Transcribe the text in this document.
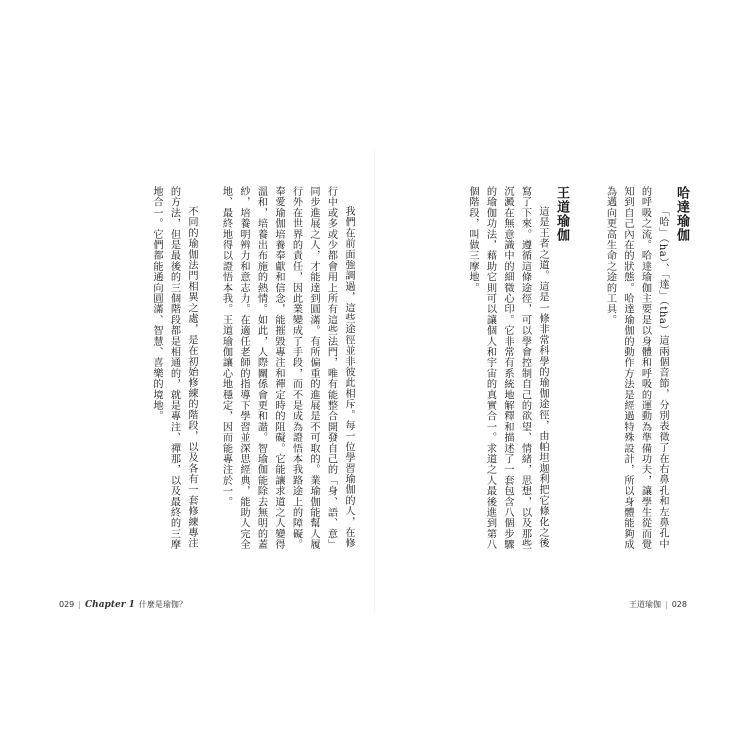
我們在前面強調過，這些途徑並非彼此相斥。每一位學習瑜伽的人，在修行中或多或少都會用上所有這些法門，唯有能整合開發自己的「身、語、意」同步進展之人，才能達到圓滿。有所偏重的進展是不可取的。業瑜伽能幫人履行外在世界的責任，因此業變成了手段，而不是成為證悟本我路途上的障礙。奉愛瑜伽培養奉獻和信念，能摧毀專注和禪定時的阻礙。它能讓求道之人變得溫和，培養出布施的熱情。如此，人際關係會更和諧。智瑜伽能除去無明的蓋紗，培養明辨力和意志力。在適任老師的指導下學習並深思經典，能助人完全地、最終地得以證悟本我。王道瑜伽讓心地穩定，因而能專注於一。

不同的瑜伽法門相異之處，是在初始修練的階段，以及各有一套修練專注的方法，但是最後的三個階段都是相通的，就是專注、禪那，以及最終的三摩地合一。它們都能通向圓滿、智慧、喜樂的境地。

029 | Chapter 1 什麼是瑜伽？
哈達瑜伽

「哈」（ha）、「達」（tha）這兩個音節，分別表徵了在右鼻孔和左鼻孔中的呼吸之流。哈達瑜伽主要是以身體和呼吸的運動為準備功夫，讓學生從而覺知到自己內在的狀態。哈達瑜伽的動作方法是經過特殊設計，所以身體能夠成為邁向更高生命之途的工具。

王道瑜伽

這是王者之道。這是一條非常科學的瑜伽途徑，由帕坦迦利把它條化之後寫了下來。遵循這條途徑，可以學會控制自己的欲望、情緒，思想，以及那些沉澱在無意識中的細微心印。它非常有系統地解釋和描述了一套包含八個步驟的瑜伽功法，藉助它則可以讓個人和宇宙的真實合一。求道之人最後進到第八個階段，叫做三摩地。

王道瑜伽 | 028
